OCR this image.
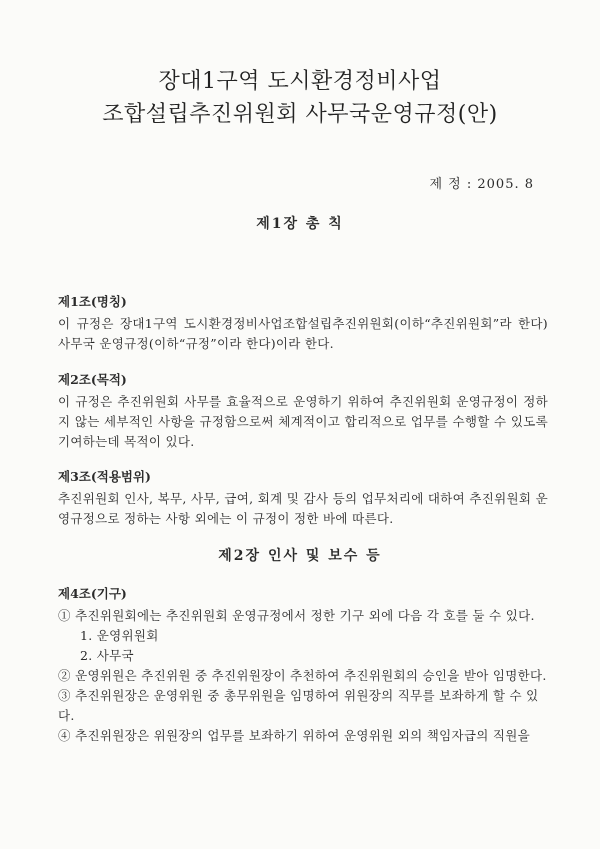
장대1구역 도시환경정비사업
조합설립추진위원회 사무국운영규정(안)
제 정 : 2005. 8
제1장 총 칙
제1조(명칭)
이 규정은 장대1구역 도시환경정비사업조합설립추진위원회(이하“추진위원회”라 한다) 사무국 운영규정(이하“규정”이라 한다)이라 한다.
제2조(목적)
이 규정은 추진위원회 사무를 효율적으로 운영하기 위하여 추진위원회 운영규정이 정하지 않는 세부적인 사항을 규정함으로써 체계적이고 합리적으로 업무를 수행할 수 있도록 기여하는데 목적이 있다.
제3조(적용범위)
추진위원회 인사, 복무, 사무, 급여, 회계 및 감사 등의 업무처리에 대하여 추진위원회 운영규정으로 정하는 사항 외에는 이 규정이 정한 바에 따른다.
제2장 인사 및 보수 등
제4조(기구)
① 추진위원회에는 추진위원회 운영규정에서 정한 기구 외에 다음 각 호를 둘 수 있다.
1. 운영위원회
2. 사무국
② 운영위원은 추진위원 중 추진위원장이 추천하여 추진위원회의 승인을 받아 임명한다.
③ 추진위원장은 운영위원 중 총무위원을 임명하여 위원장의 직무를 보좌하게 할 수 있다.
④ 추진위원장은 위원장의 업무를 보좌하기 위하여 운영위원 외의 책임자급의 직원을
